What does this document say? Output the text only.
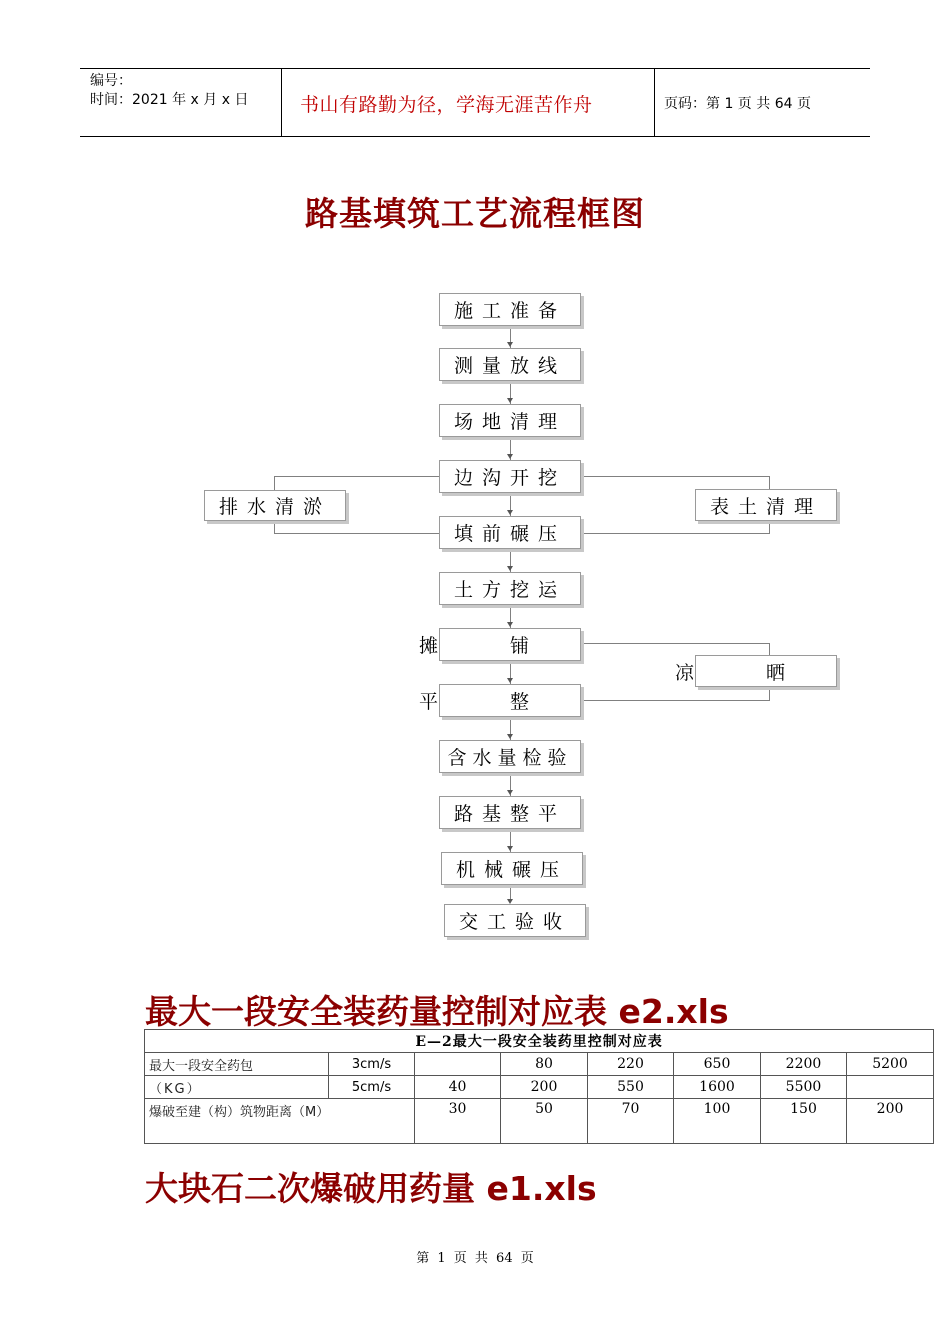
编号：
时间：2021 年 x 月 x 日	书山有路勤为径，学海无涯苦作舟	页码：第 1 页 共 64 页
路基填筑工艺流程框图
施工准备
测量放线
场地清理
边沟开挖
填前碾压
土方挖运
摊铺
平整
含水量检验
路基整平
机械碾压
交工验收
排水清淤	表土清理
凉晒
最大一段安全装药量控制对应表 e2.xls
E—2最大一段安全装药里控制对应表							
最大一段安全药包	3cm/s		80	220	650	2200	5200
（KG）	5cm/s	40	200	550	1600	5500	
爆破至建（构）筑物距离（M）		30	50	70	100	150	200
大块石二次爆破用药量 e1.xls
第 1 页 共 64 页
